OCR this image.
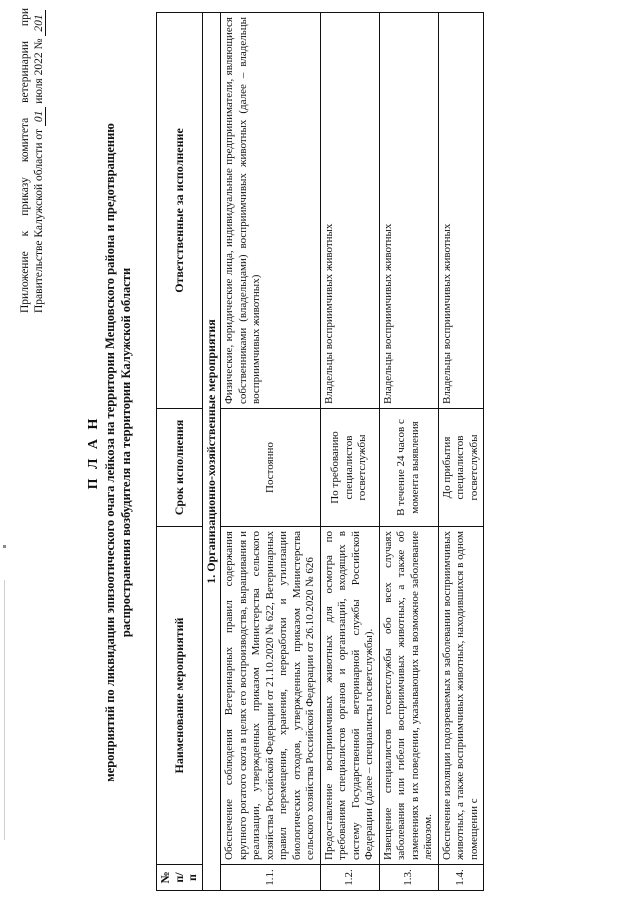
Приложение к приказу комитета ветеринарии при Правительстве Калужской области от 01 июля 2022 № 201
П Л А Н мероприятий по ликвидации эпизоотического очага лейкоза на территории Мещовского района и предотвращению распространения возбудителя на территории Калужской области
№ п/п	Наименование мероприятий	Срок исполнения	Ответственные за исполнение
1. Организационно-хозяйственные мероприятия			
1.1.	Обеспечение соблюдения Ветеринарных правил содержания крупного рогатого скота в целях его воспроизводства, выращивания и реализации, утвержденных приказом Министерства сельского хозяйства Российской Федерации от 21.10.2020 № 622, Ветеринарных правил перемещения, хранения, переработки и утилизации биологических отходов, утвержденных приказом Министерства сельского хозяйства Российской Федерации от 26.10.2020 № 626	Постоянно	Физические, юридические лица, индивидуальные предприниматели, являющиеся собственниками (владельцами) восприимчивых животных (далее – владельцы восприимчивых животных)
1.2.	Предоставление восприимчивых животных для осмотра по требованиям специалистов органов и организаций, входящих в систему Государственной ветеринарной службы Российской Федерации (далее – специалисты госветслужбы).	По требованию специалистов госветслужбы	Владельцы восприимчивых животных
1.3.	Извещение специалистов госветслужбы обо всех случаях заболевания или гибели восприимчивых животных, а также об изменениях в их поведении, указывающих на возможное заболевание лейкозом.	В течение 24 часов с момента выявления	Владельцы восприимчивых животных
1.4.	Обеспечение изоляции подозреваемых в заболевании восприимчивых животных, а также восприимчивых животных, находившихся в одном помещении с	До прибытия специалистов госветслужбы	Владельцы восприимчивых животных
